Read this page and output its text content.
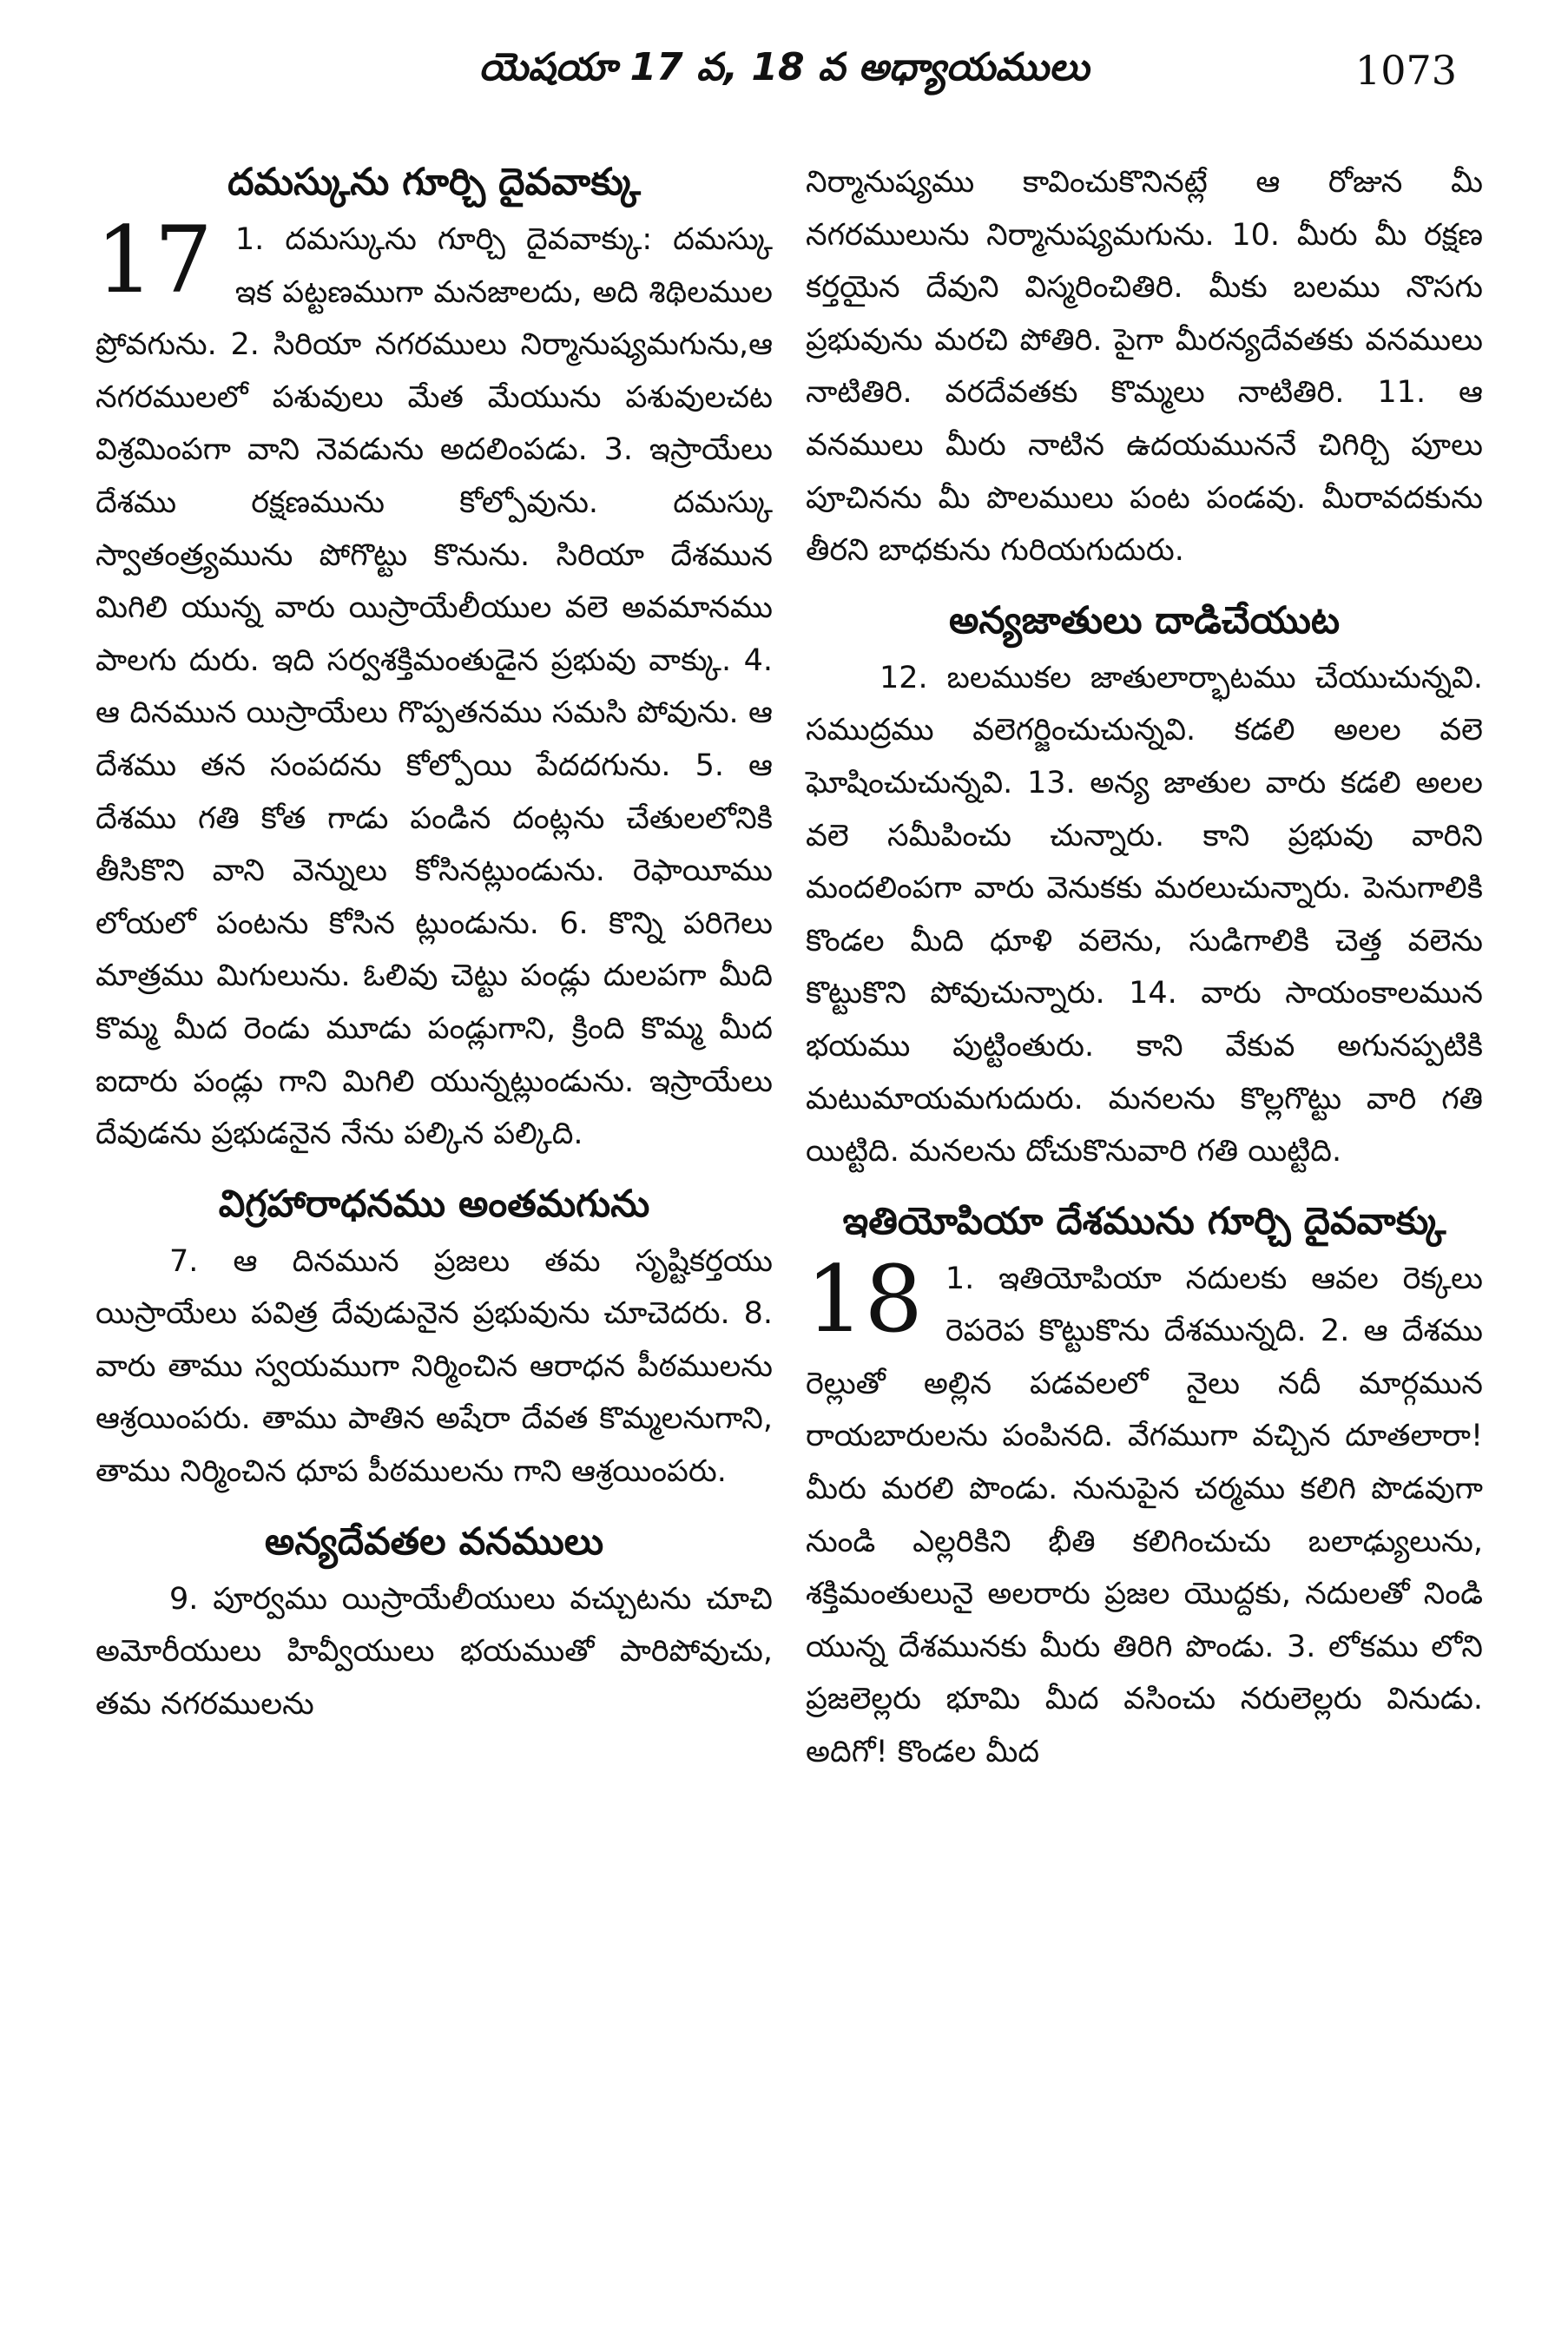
యెషయా 17 వ, 18 వ అధ్యాయములు	1073
దమస్కును గూర్చి దైవవాక్కు
17 1. దమస్కును గూర్చి దైవవాక్కు: దమస్కు ఇక పట్టణముగా మనజాలదు, అది శిథిలముల ప్రోవగును. 2. సిరియా నగరములు నిర్మానుష్యమగును,ఆ నగరములలో పశువులు మేత మేయును పశువులచట విశ్రమింపగా వాని నెవడును అదలింపడు. 3. ఇస్రాయేలు దేశము రక్షణమును కోల్పోవును. దమస్కు స్వాతంత్ర్యమును పోగొట్టు కొనును. సిరియా దేశమున మిగిలి యున్న వారు యిస్రాయేలీయుల వలె అవమానము పాలగు దురు. ఇది సర్వశక్తిమంతుడైన ప్రభువు వాక్కు. 4. ఆ దినమున యిస్రాయేలు గొప్పతనము సమసి పోవును. ఆ దేశము తన సంపదను కోల్పోయి పేదదగును. 5. ఆ దేశము గతి కోత గాడు పండిన దంట్లను చేతులలోనికి తీసికొని వాని వెన్నులు కోసినట్లుండును. రెఫాయీము లోయలో పంటను కోసిన ట్లుండును. 6. కొన్ని పరిగెలు మాత్రము మిగులును. ఓలివు చెట్టు పండ్లు దులపగా మీది కొమ్మ మీద రెండు మూడు పండ్లుగాని, క్రింది కొమ్మ మీద ఐదారు పండ్లు గాని మిగిలి యున్నట్లుండును. ఇస్రాయేలు దేవుడను ప్రభుడనైన నేను పల్కిన పల్కిది.

విగ్రహారాధనము అంతమగును

7. ఆ దినమున ప్రజలు తమ సృష్టికర్తయు యిస్రాయేలు పవిత్ర దేవుడునైన ప్రభువును చూచెదరు. 8. వారు తాము స్వయముగా నిర్మించిన ఆరాధన పీఠములను ఆశ్రయింపరు. తాము పాతిన అషేరా దేవత కొమ్మలనుగాని, తాము నిర్మించిన ధూప పీఠములను గాని ఆశ్రయింపరు.

అన్యదేవతల వనములు

9. పూర్వము యిస్రాయేలీయులు వచ్చుటను చూచి అమోరీయులు హివ్వీయులు భయముతో పారిపోవుచు, తమ నగరములను

నిర్మానుష్యము కావించుకొనినట్లే ఆ రోజున మీ నగరములును నిర్మానుష్యమగును. 10. మీరు మీ రక్షణ కర్తయైన దేవుని విస్మరించితిరి. మీకు బలము నొసగు ప్రభువును మరచి పోతిరి. పైగా మీరన్యదేవతకు వనములు నాటితిరి. వరదేవతకు కొమ్మలు నాటితిరి. 11. ఆ వనములు మీరు నాటిన ఉదయముననే చిగిర్చి పూలు పూచినను మీ పొలములు పంట పండవు. మీరావదకును తీరని బాధకును గురియగుదురు.

అన్యజాతులు దాడిచేయుట

12. బలముకల జాతులార్భాటము చేయుచున్నవి. సముద్రము వలెగర్జించుచున్నవి. కడలి అలల వలె ఘోషించుచున్నవి. 13. అన్య జాతుల వారు కడలి అలల వలె సమీపించు చున్నారు. కాని ప్రభువు వారిని మందలింపగా వారు వెనుకకు మరలుచున్నారు. పెనుగాలికి కొండల మీది ధూళి వలెను, సుడిగాలికి చెత్త వలెను కొట్టుకొని పోవుచున్నారు. 14. వారు సాయంకాలమున భయము పుట్టింతురు. కాని వేకువ అగునప్పటికి మటుమాయమగుదురు. మనలను కొల్లగొట్టు వారి గతి యిట్టిది. మనలను దోచుకొనువారి గతి యిట్టిది.

ఇతియోపియా దేశమును గూర్చి దైవవాక్కు
18 1. ఇతియోపియా నదులకు ఆవల రెక్కలు రెపరెప కొట్టుకొను దేశమున్నది. 2. ఆ దేశము రెల్లుతో అల్లిన పడవలలో నైలు నదీ మార్గమున రాయబారులను పంపినది. వేగముగా వచ్చిన దూతలారా! మీరు మరలి పొండు. నునుపైన చర్మము కలిగి పొడవుగా నుండి ఎల్లరికిని భీతి కలిగించుచు బలాఢ్యులును, శక్తిమంతులునై అలరారు ప్రజల యొద్దకు, నదులతో నిండి యున్న దేశమునకు మీరు తిరిగి పొండు. 3. లోకము లోని ప్రజలెల్లరు భూమి మీద వసించు నరులెల్లరు వినుడు. అదిగో! కొండల మీద
